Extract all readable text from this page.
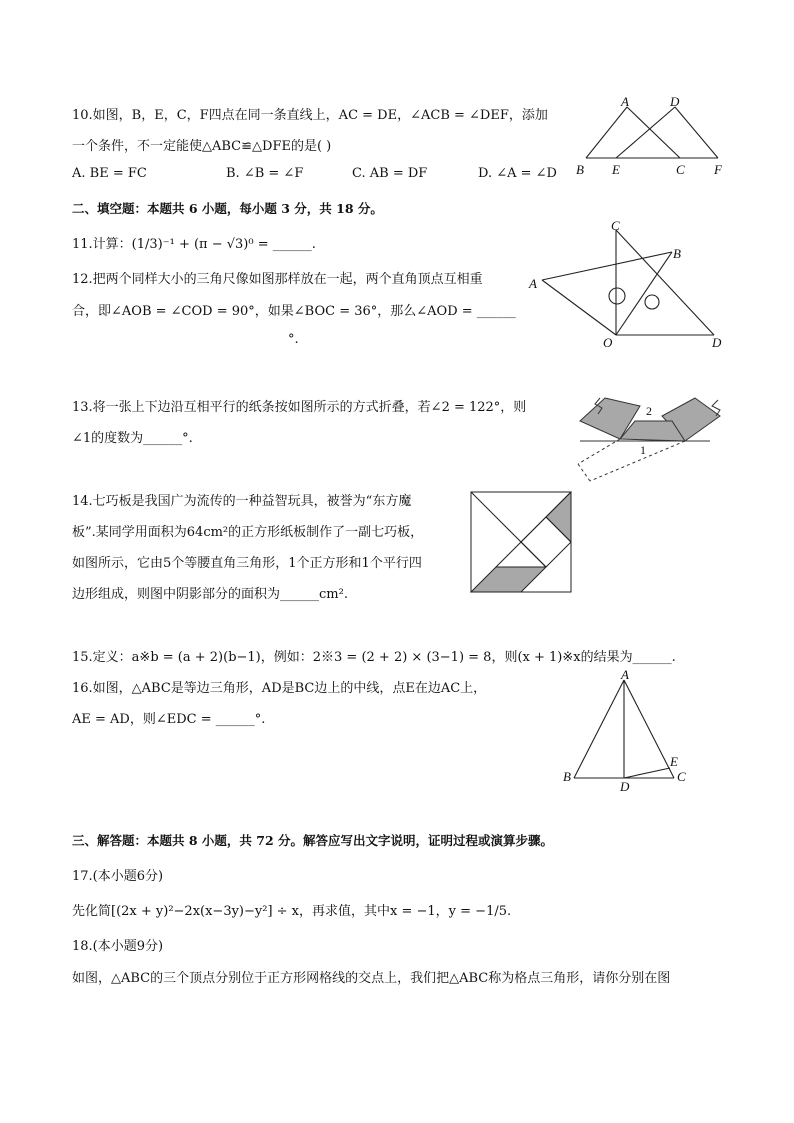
10.如图，B，E，C，F四点在同一条直线上，AC = DE，∠ACB = ∠DEF，添加
一个条件，不一定能使△ABC≌△DFE的是( )
A. BE = FC	B. ∠B = ∠F	C. AB = DF	D. ∠A = ∠D
A	D
B E	C F
二、填空题：本题共 6 小题，每小题 3 分，共 18 分。
11.计算：(1/3)⁻¹ + (π − √3)⁰ = ______.
12.把两个同样大小的三角尺像如图那样放在一起，两个直角顶点互相重
合，即∠AOB = ∠COD = 90°，如果∠BOC = 36°，那么∠AOD = ______
°.
C
B
A
O	D
13.将一张上下边沿互相平行的纸条按如图所示的方式折叠，若∠2 = 122°，则
∠1的度数为______°.
2
1
14.七巧板是我国广为流传的一种益智玩具，被誉为“东方魔
板”.某同学用面积为64cm²的正方形纸板制作了一副七巧板，
如图所示，它由5个等腰直角三角形，1个正方形和1个平行四
边形组成，则图中阴影部分的面积为______cm².
15.定义：a※b = (a + 2)(b−1)，例如：2※3 = (2 + 2) × (3−1) = 8，则(x + 1)※x的结果为______.
16.如图，△ABC是等边三角形，AD是BC边上的中线，点E在边AC上，
AE = AD，则∠EDC = ______°.
A
B
D
E
C
三、解答题：本题共 8 小题，共 72 分。解答应写出文字说明，证明过程或演算步骤。
17.(本小题6分)
先化简[(2x + y)²−2x(x−3y)−y²] ÷ x，再求值，其中x = −1，y = −1/5.
18.(本小题9分)
如图，△ABC的三个顶点分别位于正方形网格线的交点上，我们把△ABC称为格点三角形，请你分别在图
